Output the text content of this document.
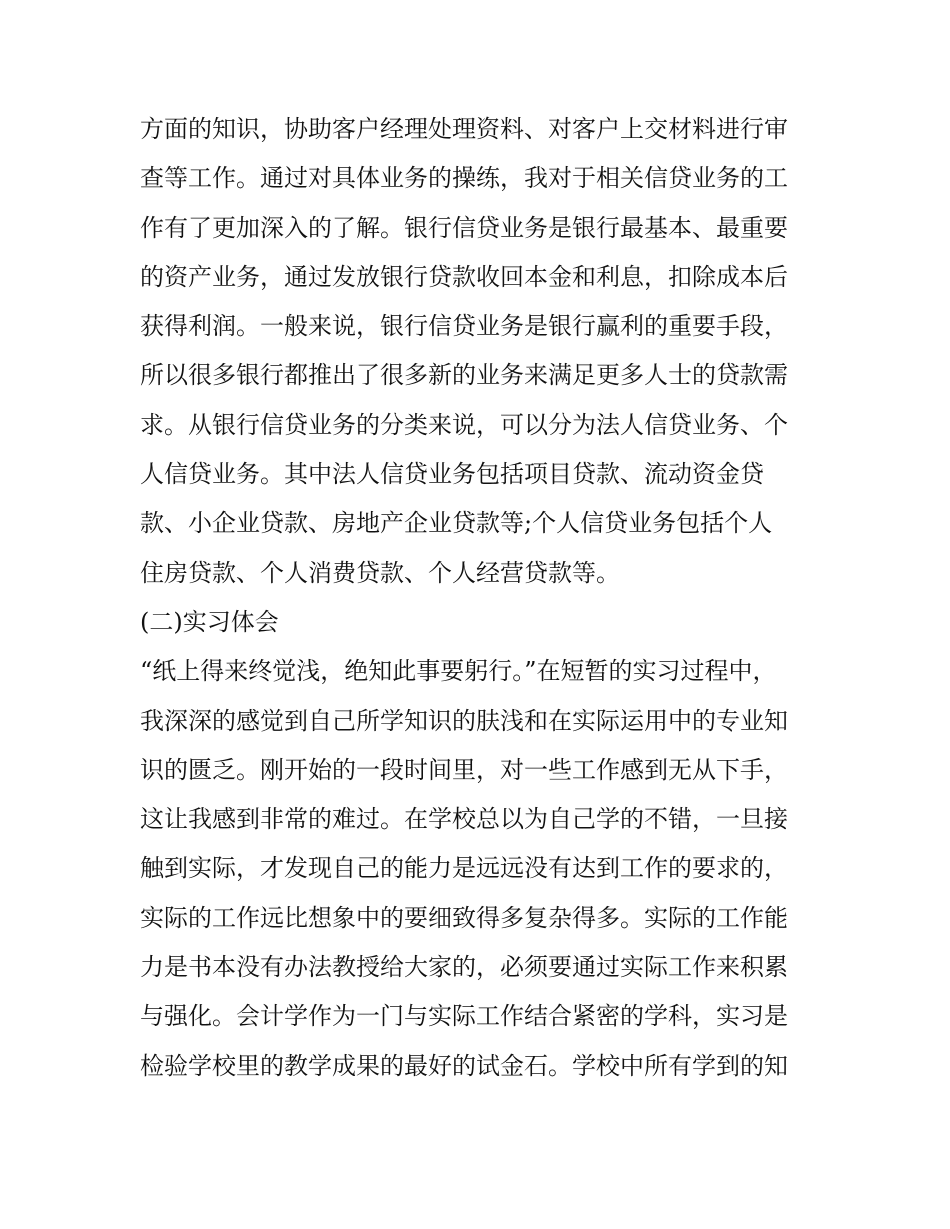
方面的知识，协助客户经理处理资料、对客户上交材料进行审
查等工作。通过对具体业务的操练，我对于相关信贷业务的工
作有了更加深入的了解。银行信贷业务是银行最基本、最重要
的资产业务，通过发放银行贷款收回本金和利息，扣除成本后
获得利润。一般来说，银行信贷业务是银行赢利的重要手段，
所以很多银行都推出了很多新的业务来满足更多人士的贷款需
求。从银行信贷业务的分类来说，可以分为法人信贷业务、个
人信贷业务。其中法人信贷业务包括项目贷款、流动资金贷
款、小企业贷款、房地产企业贷款等;个人信贷业务包括个人
住房贷款、个人消费贷款、个人经营贷款等。
(二)实习体会
“纸上得来终觉浅，绝知此事要躬行。”在短暂的实习过程中，
我深深的感觉到自己所学知识的肤浅和在实际运用中的专业知
识的匮乏。刚开始的一段时间里，对一些工作感到无从下手，
这让我感到非常的难过。在学校总以为自己学的不错，一旦接
触到实际，才发现自己的能力是远远没有达到工作的要求的，
实际的工作远比想象中的要细致得多复杂得多。实际的工作能
力是书本没有办法教授给大家的，必须要通过实际工作来积累
与强化。会计学作为一门与实际工作结合紧密的学科，实习是
检验学校里的教学成果的最好的试金石。学校中所有学到的知
